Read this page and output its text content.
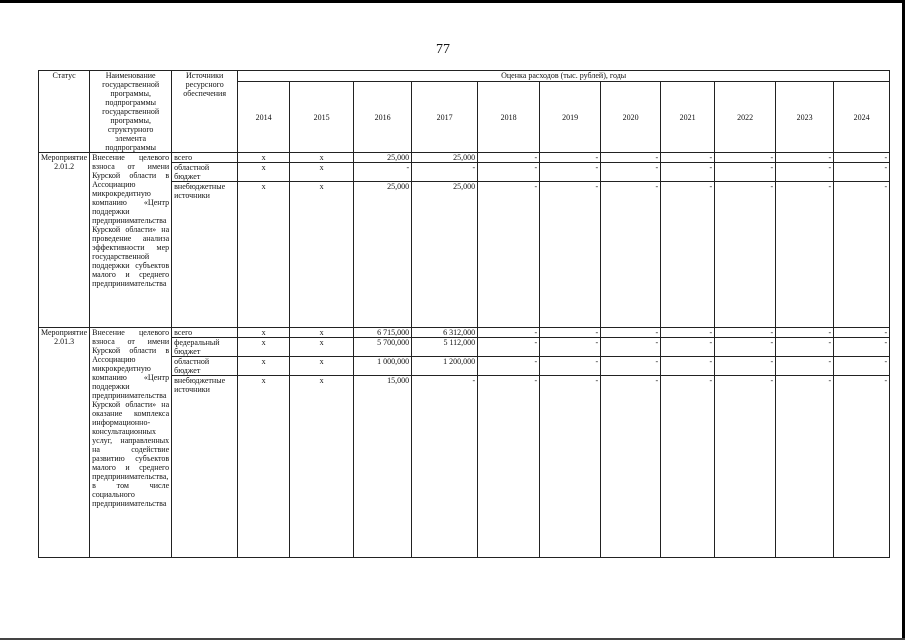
77
Статус	Наименование государственной программы, подпрограммы государственной программы, структурного элемента подпрограммы	Источники ресурсного обеспечения	Оценка расходов (тыс. рублей), годы										
			2014	2015	2016	2017	2018	2019	2020	2021	2022	2023	2024
Мероприятие 2.01.2	Внесение целевого взноса от имени Курской области в Ассоциацию микрокредитную компанию «Центр поддержки предпринимательства Курской области» на проведение анализа эффективности мер государственной поддержки субъектов малого и среднего предпринимательства	всего	x	x	25,000	25,000	-	-	-	-	-	-	-
		областной бюджет	x	x	-	-	-	-	-	-	-	-	-
		внебюджетные источники	x	x	25,000	25,000	-	-	-	-	-	-	-
Мероприятие 2.01.3	Внесение целевого взноса от имени Курской области в Ассоциацию микрокредитную компанию «Центр поддержки предпринимательства Курской области» на оказание комплекса информационно-консультационных услуг, направленных на содействие развитию субъектов малого и среднего предпринимательства, в том числе социального предпринимательства	всего	x	x	6 715,000	6 312,000	-	-	-	-	-	-	-
		федеральный бюджет	x	x	5 700,000	5 112,000	-	-	-	-	-	-	-
		областной бюджет	x	x	1 000,000	1 200,000	-	-	-	-	-	-	-
		внебюджетные источники	x	x	15,000	-	-	-	-	-	-	-	-
